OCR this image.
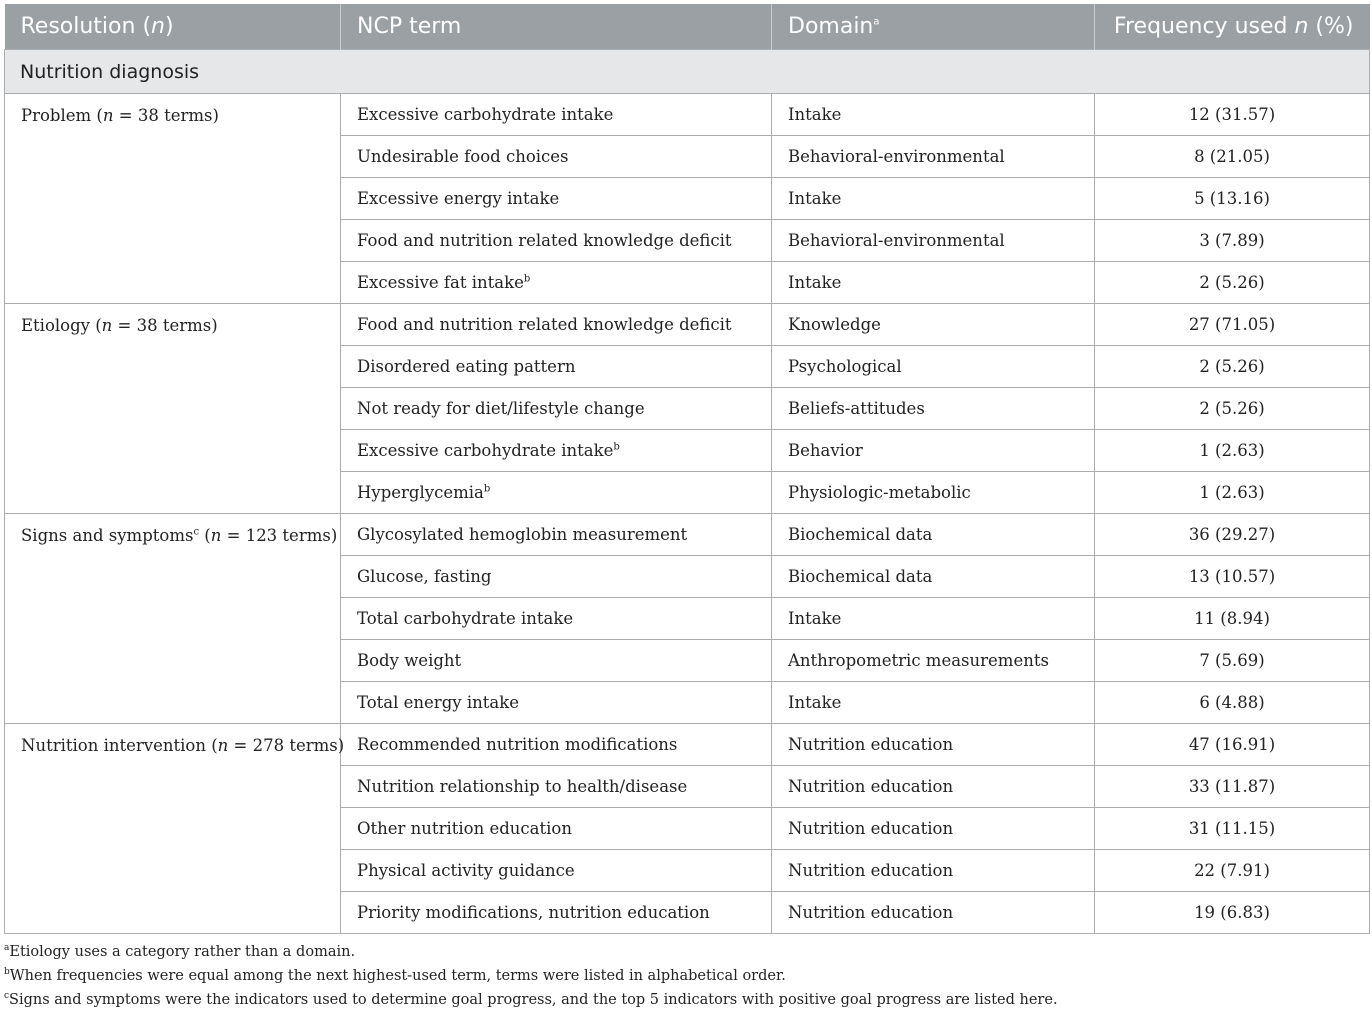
Resolution (n)	NCP term	Domain$^a$	Frequency used n (%)
Nutrition diagnosis			
Problem (n = 38 terms)	Excessive carbohydrate intake	Intake	12 (31.57)
	Undesirable food choices	Behavioral-environmental	8 (21.05)
	Excessive energy intake	Intake	5 (13.16)
	Food and nutrition related knowledge deficit	Behavioral-environmental	3 (7.89)
	Excessive fat intake$^b$	Intake	2 (5.26)
Etiology (n = 38 terms)	Food and nutrition related knowledge deficit	Knowledge	27 (71.05)
	Disordered eating pattern	Psychological	2 (5.26)
	Not ready for diet/lifestyle change	Beliefs-attitudes	2 (5.26)
	Excessive carbohydrate intake$^b$	Behavior	1 (2.63)
	Hyperglycemia$^b$	Physiologic-metabolic	1 (2.63)
Signs and symptoms$^c$ (n = 123 terms)	Glycosylated hemoglobin measurement	Biochemical data	36 (29.27)
	Glucose, fasting	Biochemical data	13 (10.57)
	Total carbohydrate intake	Intake	11 (8.94)
	Body weight	Anthropometric measurements	7 (5.69)
	Total energy intake	Intake	6 (4.88)
Nutrition intervention (n = 278 terms)	Recommended nutrition modifications	Nutrition education	47 (16.91)
	Nutrition relationship to health/disease	Nutrition education	33 (11.87)
	Other nutrition education	Nutrition education	31 (11.15)
	Physical activity guidance	Nutrition education	22 (7.91)
	Priority modifications, nutrition education	Nutrition education	19 (6.83)
$^a$Etiology uses a category rather than a domain.
$^b$When frequencies were equal among the next highest-used term, terms were listed in alphabetical order.
$^c$Signs and symptoms were the indicators used to determine goal progress, and the top 5 indicators with positive goal progress are listed here.
